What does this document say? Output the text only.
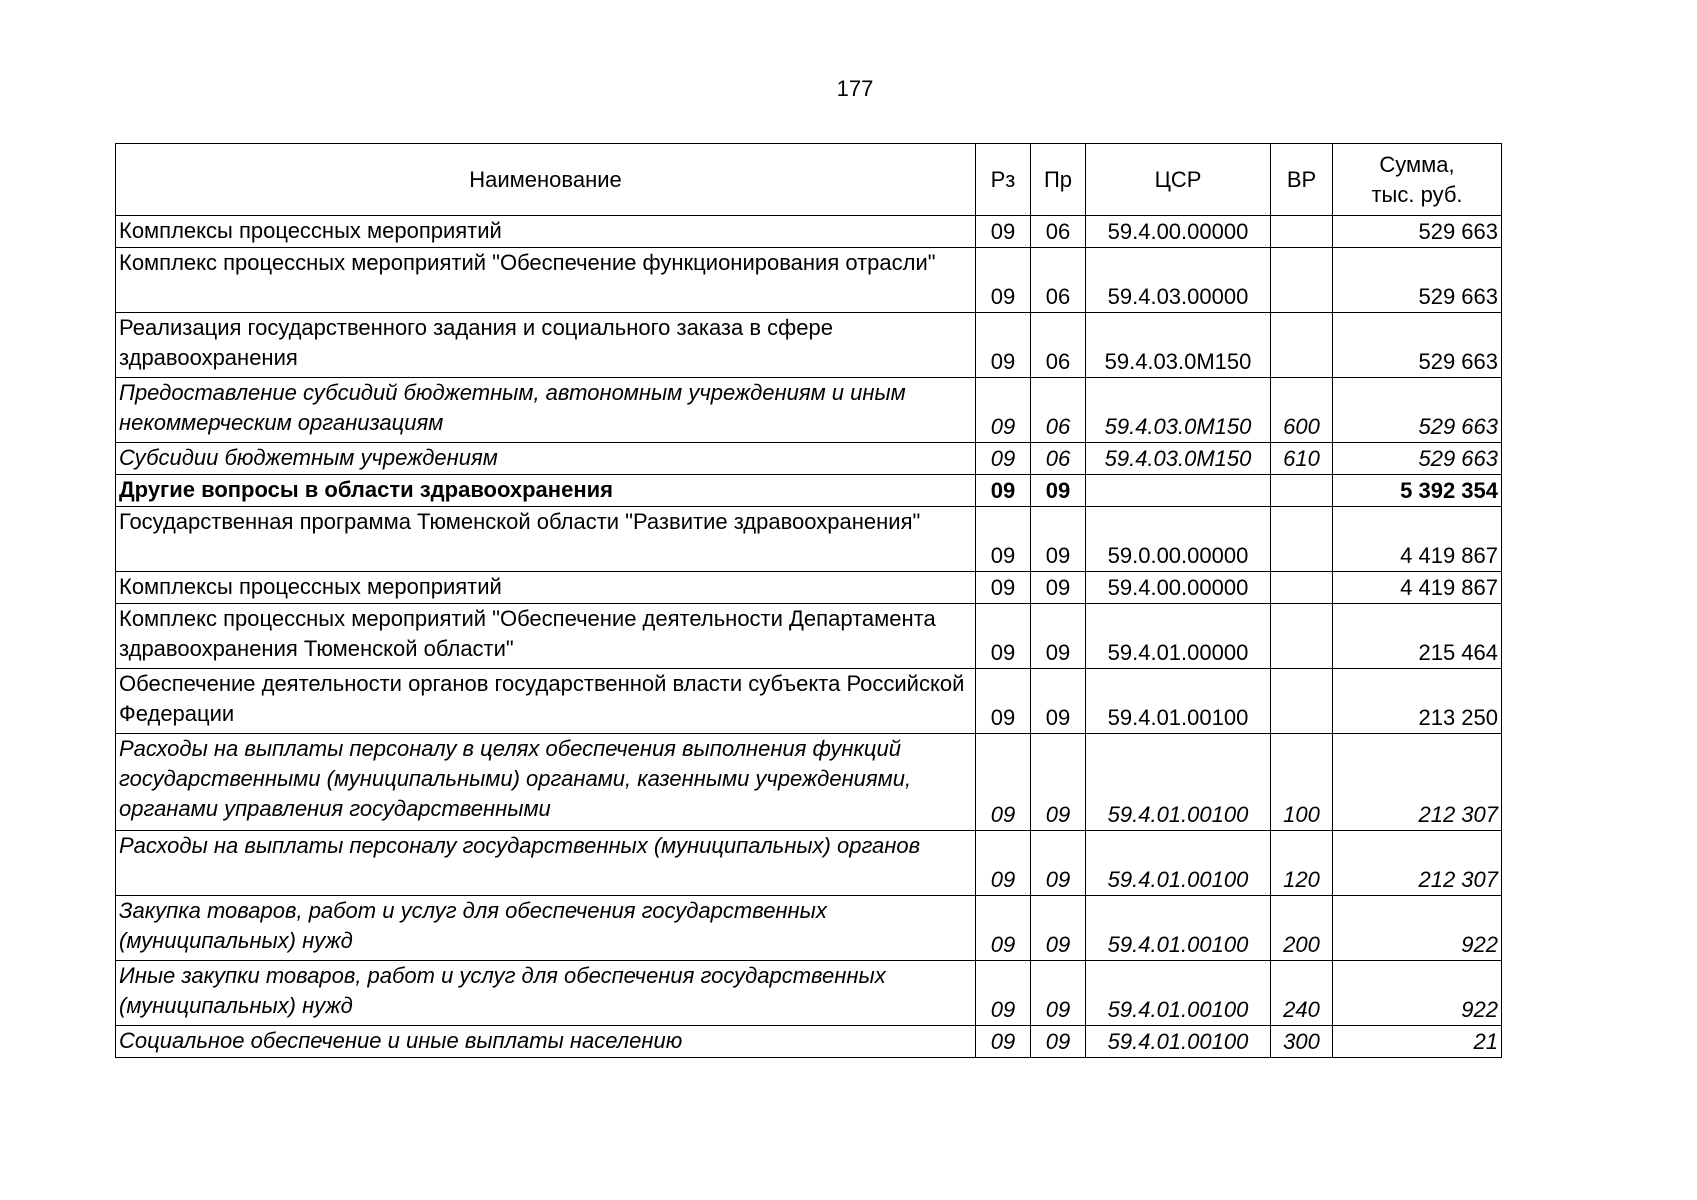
177
Наименование	Рз	Пр	ЦСР	ВР	Сумма,
тыс. руб.

Комплексы процессных мероприятий	09	06	59.4.00.00000		529 663
Комплекс процессных мероприятий "Обеспечение функционирования отрасли"	09	06	59.4.03.00000		529 663
Реализация государственного задания и социального заказа в сфере здравоохранения	09	06	59.4.03.0М150		529 663
Предоставление субсидий бюджетным, автономным учреждениям и иным некоммерческим организациям	09	06	59.4.03.0М150	600	529 663
Субсидии бюджетным учреждениям	09	06	59.4.03.0М150	610	529 663
Другие вопросы в области здравоохранения	09	09			5 392 354
Государственная программа Тюменской области "Развитие здравоохранения"	09	09	59.0.00.00000		4 419 867
Комплексы процессных мероприятий	09	09	59.4.00.00000		4 419 867
Комплекс процессных мероприятий "Обеспечение деятельности Департамента здравоохранения Тюменской области"	09	09	59.4.01.00000		215 464
Обеспечение деятельности органов государственной власти субъекта Российской Федерации	09	09	59.4.01.00100		213 250
Расходы на выплаты персоналу в целях обеспечения выполнения функций государственными (муниципальными) органами, казенными учреждениями, органами управления государственными	09	09	59.4.01.00100	100	212 307
Расходы на выплаты персоналу государственных (муниципальных) органов	09	09	59.4.01.00100	120	212 307
Закупка товаров, работ и услуг для обеспечения государственных (муниципальных) нужд	09	09	59.4.01.00100	200	922
Иные закупки товаров, работ и услуг для обеспечения государственных (муниципальных) нужд	09	09	59.4.01.00100	240	922
Социальное обеспечение и иные выплаты населению	09	09	59.4.01.00100	300	21
